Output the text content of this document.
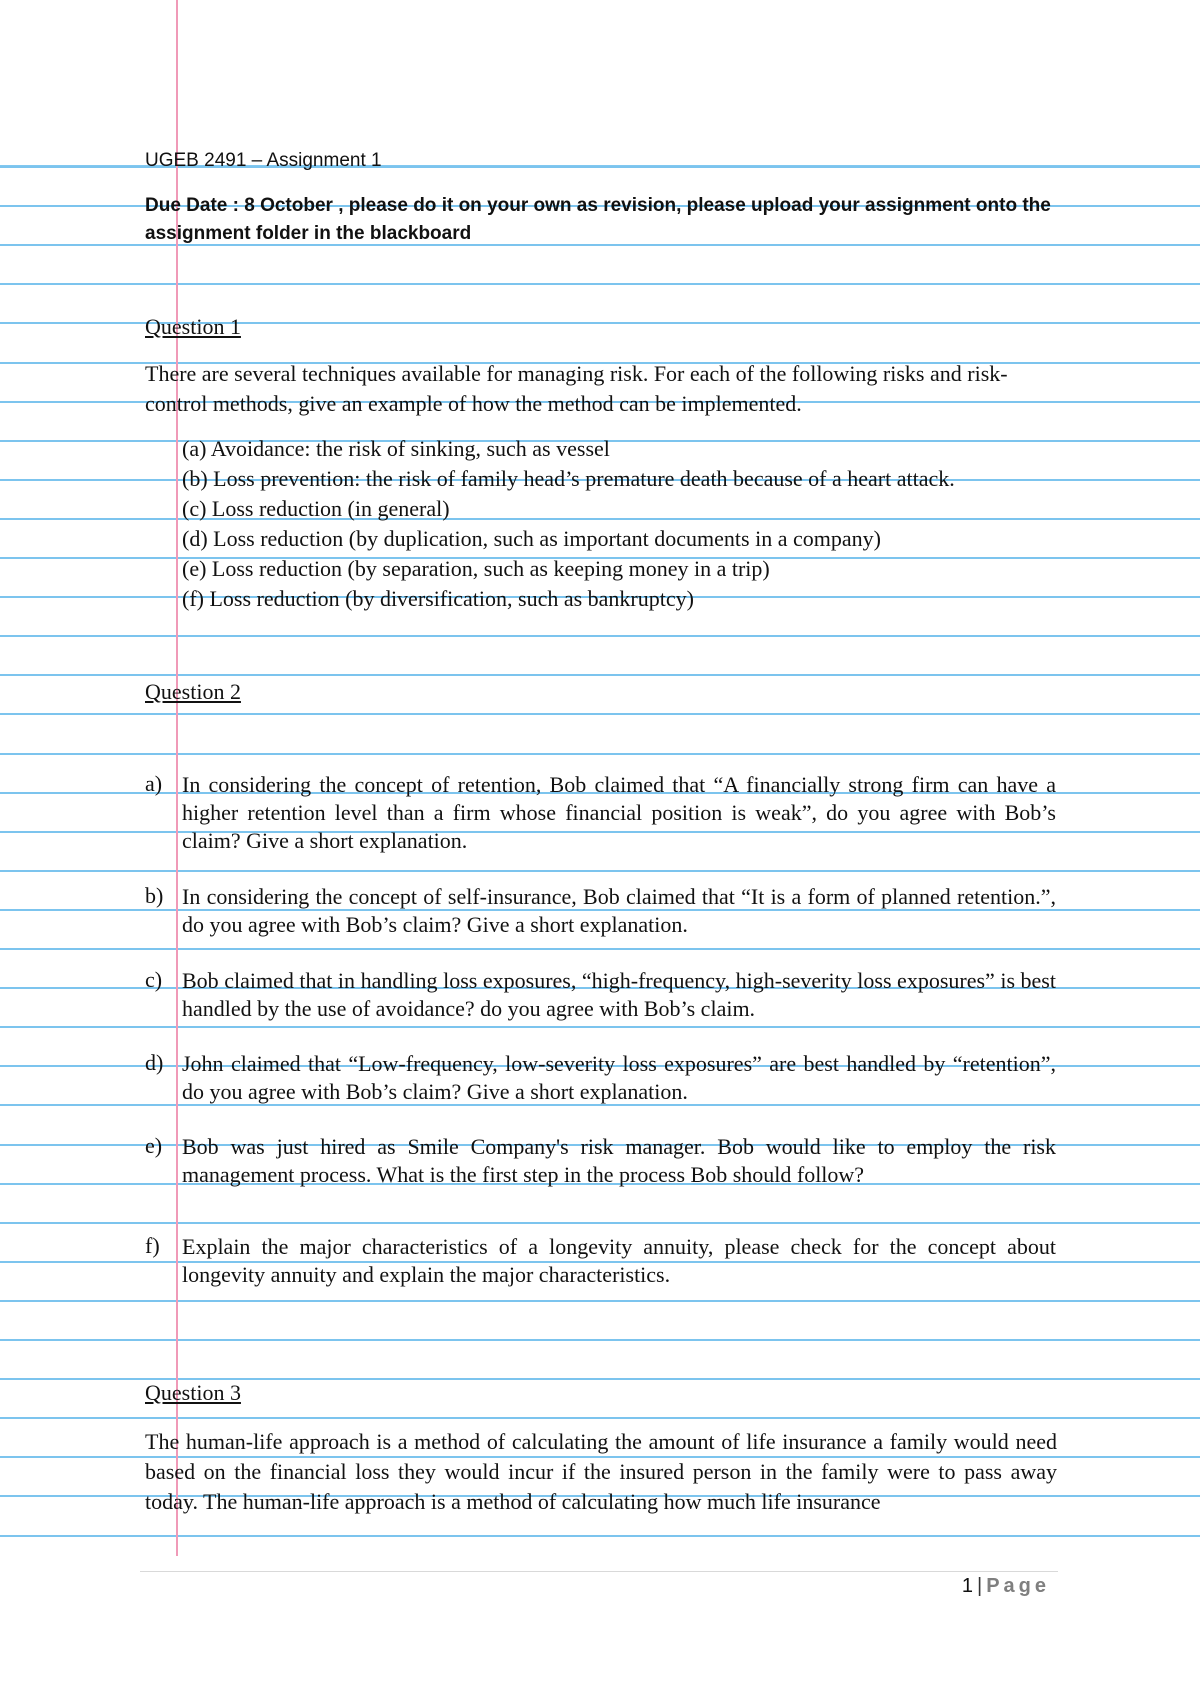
UGEB 2491 – Assignment 1
Due Date : 8 October , please do it on your own as revision, please upload your assignment onto the assignment folder in the blackboard
Question 1
There are several techniques available for managing risk. For each of the following risks and risk-control methods, give an example of how the method can be implemented.
(a) Avoidance: the risk of sinking, such as vessel
(b) Loss prevention: the risk of family head’s premature death because of a heart attack.
(c) Loss reduction (in general)
(d) Loss reduction (by duplication, such as important documents in a company)
(e) Loss reduction (by separation, such as keeping money in a trip)
(f) Loss reduction (by diversification, such as bankruptcy)
Question 2
a) In considering the concept of retention, Bob claimed that “A financially strong firm can have a higher retention level than a firm whose financial position is weak”, do you agree with Bob’s claim? Give a short explanation.
b) In considering the concept of self-insurance, Bob claimed that “It is a form of planned retention.”, do you agree with Bob’s claim? Give a short explanation.
c) Bob claimed that in handling loss exposures, “high-frequency, high-severity loss exposures” is best handled by the use of avoidance? do you agree with Bob’s claim.
d) John claimed that “Low-frequency, low-severity loss exposures” are best handled by “retention”, do you agree with Bob’s claim? Give a short explanation.
e) Bob was just hired as Smile Company's risk manager. Bob would like to employ the risk management process. What is the first step in the process Bob should follow?
f) Explain the major characteristics of a longevity annuity, please check for the concept about longevity annuity and explain the major characteristics.
Question 3
The human-life approach is a method of calculating the amount of life insurance a family would need based on the financial loss they would incur if the insured person in the family were to pass away today. The human-life approach is a method of calculating how much life insurance
1 | Page
